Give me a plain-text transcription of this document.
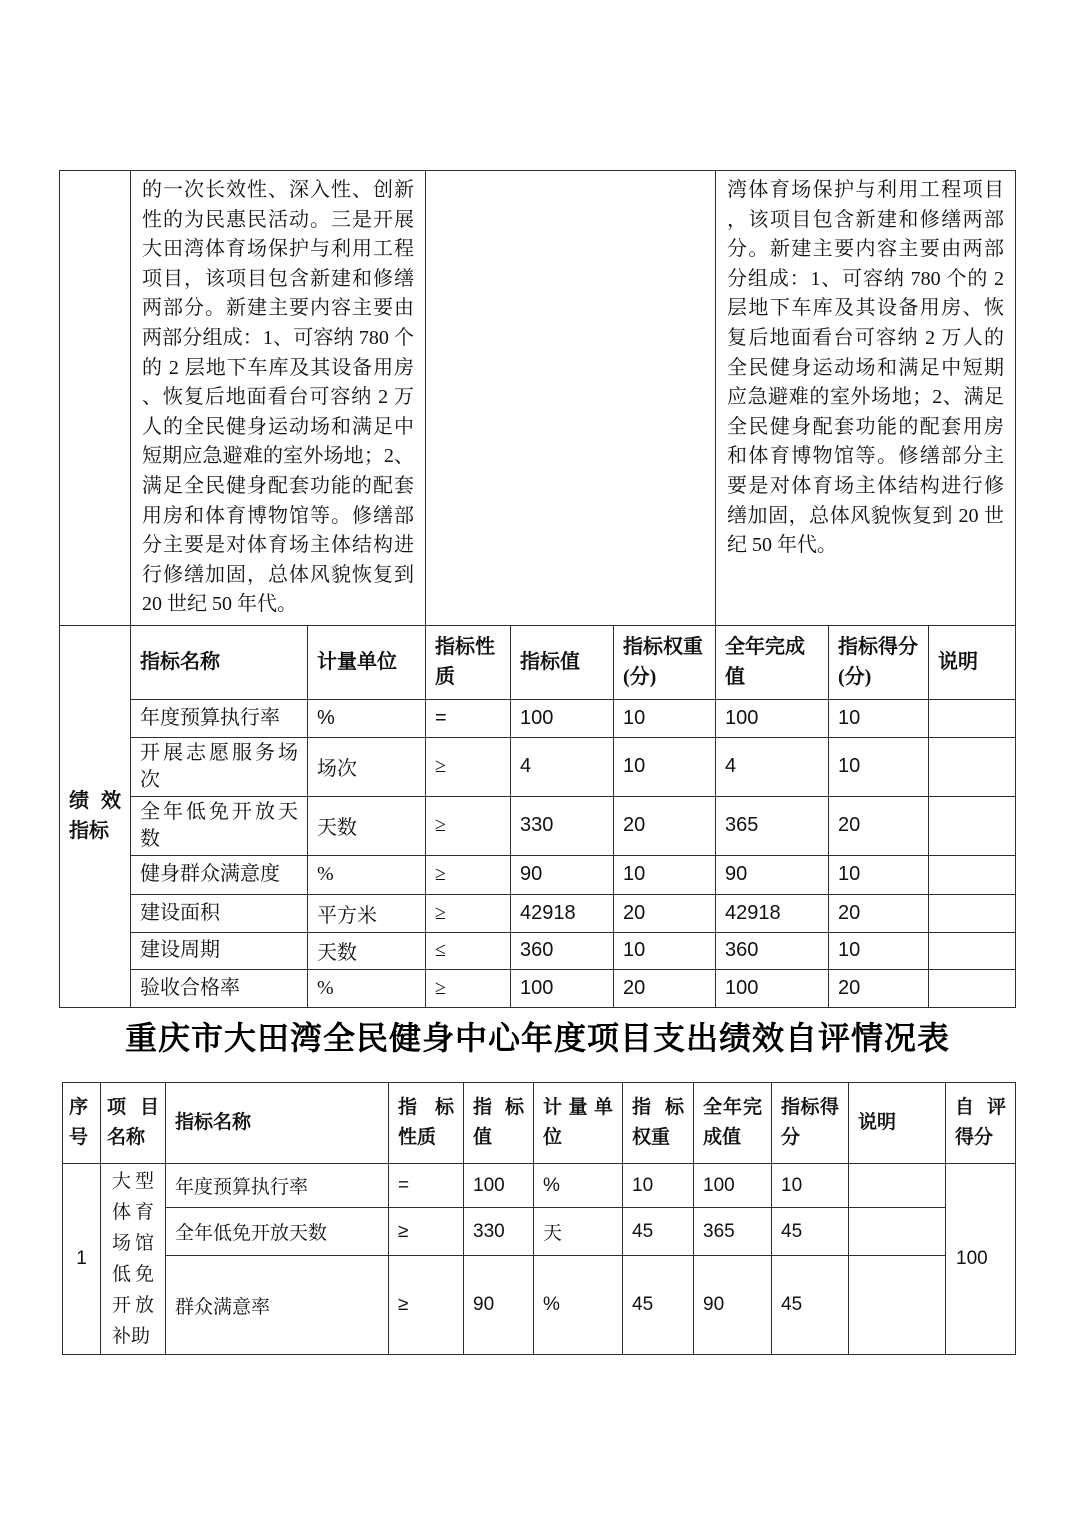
	的一次长效性、深入性、创新性的为民惠民活动。三是开展大田湾体育场保护与利用工程项目，该项目包含新建和修缮两部分。新建主要内容主要由两部分组成：1、可容纳 780 个的 2 层地下车库及其设备用房、恢复后地面看台可容纳 2 万人的全民健身运动场和满足中短期应急避难的室外场地；2、满足全民健身配套功能的配套用房和体育博物馆等。修缮部分主要是对体育场主体结构进行修缮加固，总体风貌恢复到 20 世纪 50 年代。					湾体育场保护与利用工程项目，该项目包含新建和修缮两部分。新建主要内容主要由两部分组成：1、可容纳 780 个的 2 层地下车库及其设备用房、恢复后地面看台可容纳 2 万人的全民健身运动场和满足中短期应急避难的室外场地；2、满足全民健身配套功能的配套用房和体育博物馆等。修缮部分主要是对体育场主体结构进行修缮加固，总体风貌恢复到 20 世纪 50 年代。		
绩效指标	指标名称	计量单位	指标性质	指标值	指标权重(分)	全年完成值	指标得分(分)	说明
	年度预算执行率	%	=	100	10	100	10	
	开展志愿服务场次	场次	≥	4	10	4	10	
	全年低免开放天数	天数	≥	330	20	365	20	
	健身群众满意度	%	≥	90	10	90	10	
	建设面积	平方米	≥	42918	20	42918	20	
	建设周期	天数	≤	360	10	360	10	
	验收合格率	%	≥	100	20	100	20	
重庆市大田湾全民健身中心年度项目支出绩效自评情况表
序号	项目名称	指标名称	指标性质	指标值	计量单位	指标权重	全年完成值	指标得分	说明	自评得分
1	大型体育场馆低免开放补助	年度预算执行率	=	100	%	10	100	10		100
		全年低免开放天数	≥	330	天	45	365	45		
		群众满意率	≥	90	%	45	90	45		
